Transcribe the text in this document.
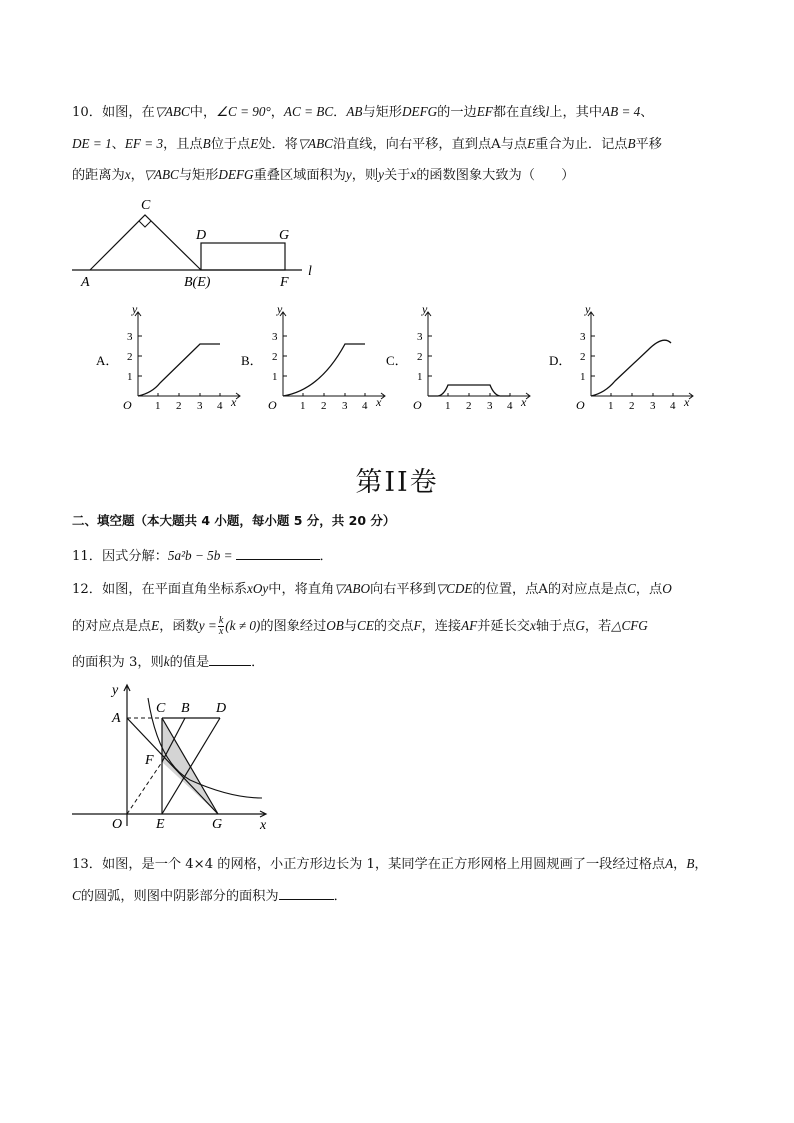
10．如图，在▽ABC中，∠C = 90°，AC = BC．AB与矩形DEFG的一边EF都在直线l上，其中AB = 4、
DE = 1、EF = 3，且点B位于点E处．将▽ABC沿直线，向右平移，直到点A与点E重合为止．记点B平移
的距离为x，▽ABC与矩形DEFG重叠区域面积为y，则y关于x的函数图象大致为（　　）
C
D	G
A	B(E)	F
l
A．
O	x
y
1 2 3 4
1
2
3
B．
O	x
y
1 2 3 4
1
2
3
C．
O	x
y
1 2 3 4
1
2
3
D．
O	x
y
1 2 3 4
1
2
3
第II卷
二、填空题（本大题共 4 小题，每小题 5 分，共 20 分）
11．因式分解：5a²b − 5b =	．
12．如图，在平面直角坐标系xOy中，将直角▽ABO向右平移到▽CDE的位置，点A的对应点是点C，点O
的对应点是点E，函数$y = \frac{k}{x} (k \ne 0)$的图象经过OB与CE的交点F，连接AF并延长交x轴于点G，若△CFG
的面积为 3，则k的值是	．
y
A
C B D
F
O E	G	x
13．如图，是一个 4×4 的网格，小正方形边长为 1，某同学在正方形网格上用圆规画了一段经过格点A，B，
C的圆弧，则图中阴影部分的面积为	．
